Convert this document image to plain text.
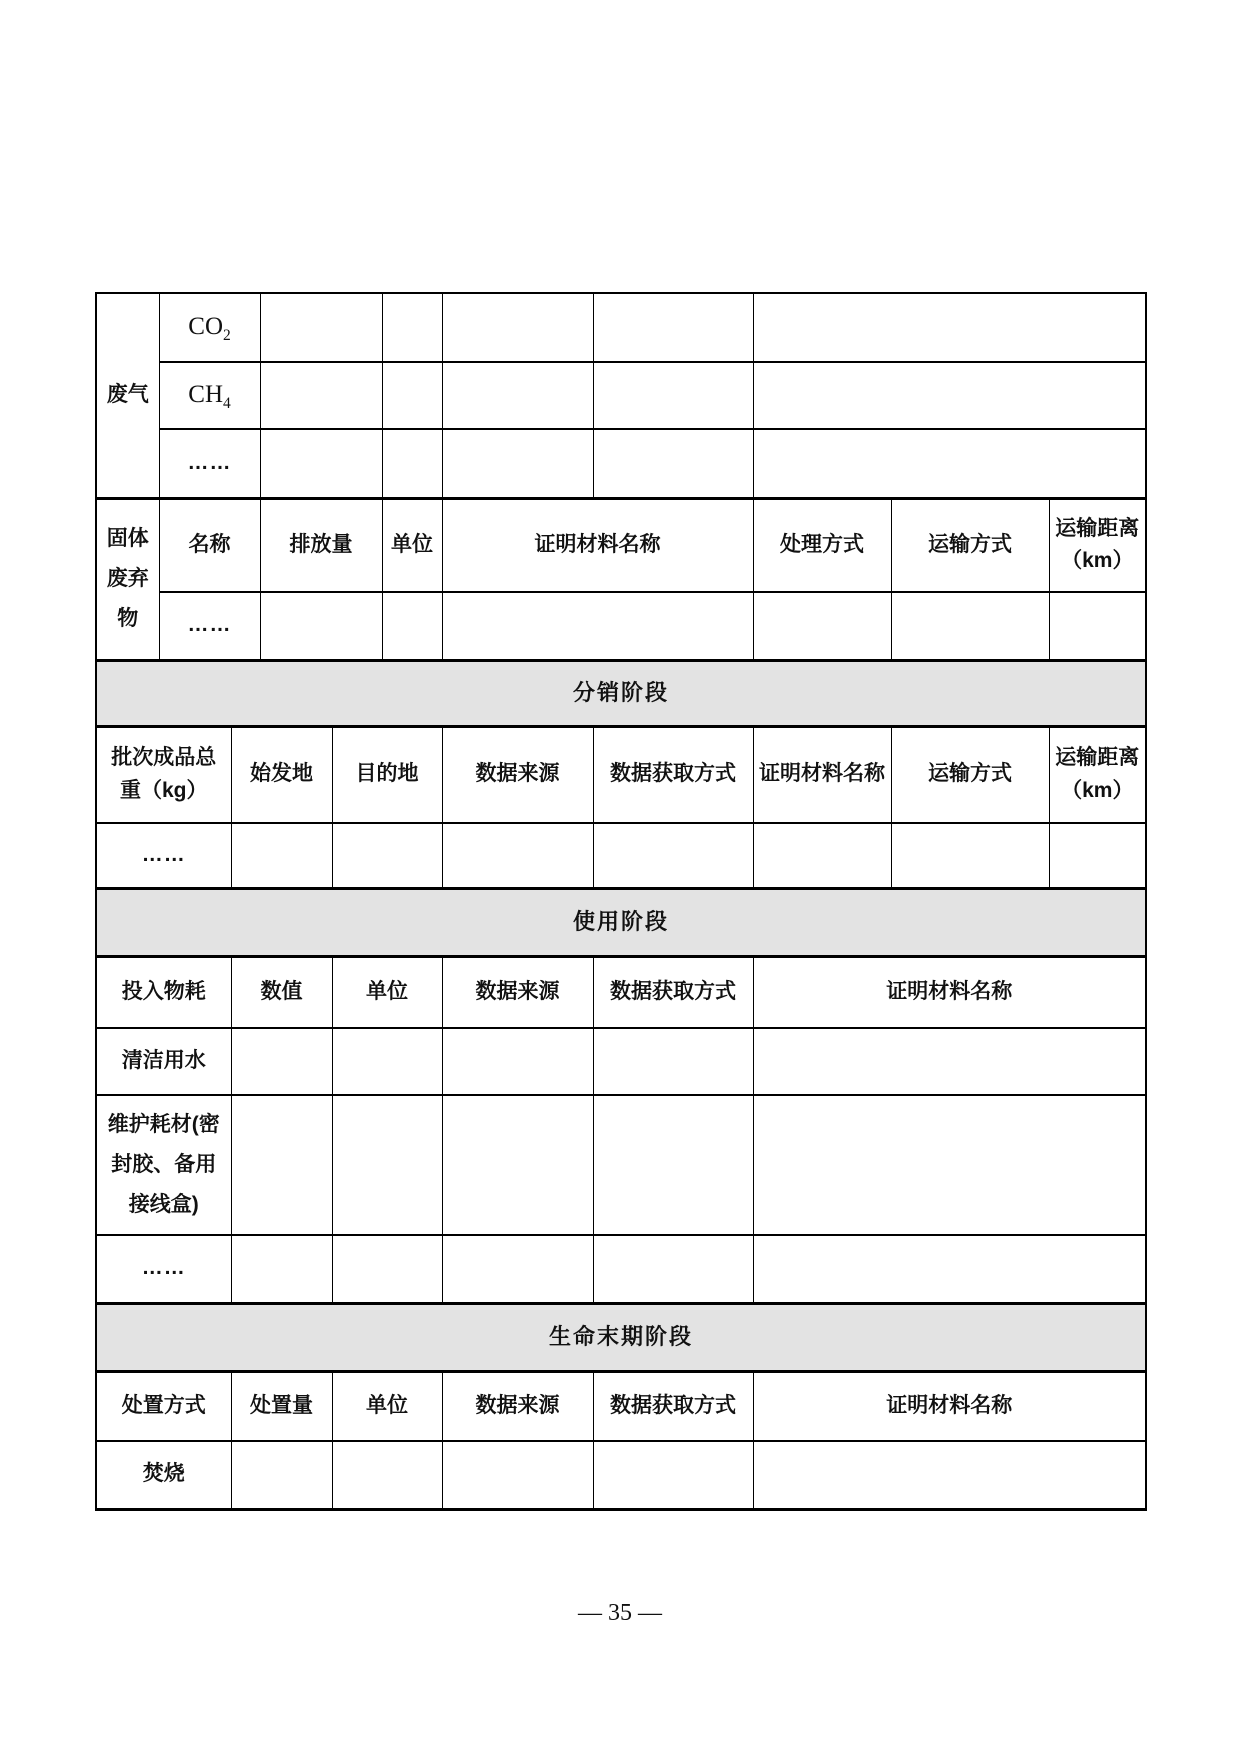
废气	$CO_2$					
	$CH_4$					
	……									
固体废弃物	名称		排放量		单位	证明材料名称		处理方式	运输方式	运输距离（km）
	……									
分销阶段										
批次成品总重（kg）		始发地		目的地		数据来源	数据获取方式	证明材料名称	运输方式	运输距离（km）
……										
使用阶段										
投入物耗		数值		单位		数据来源	数据获取方式	证明材料名称		
清洁用水										
维护耗材(密封胶、备用接线盒)										
……										
生命末期阶段										
处置方式		处置量		单位		数据来源	数据获取方式	证明材料名称		
焚烧										
— 35 —
